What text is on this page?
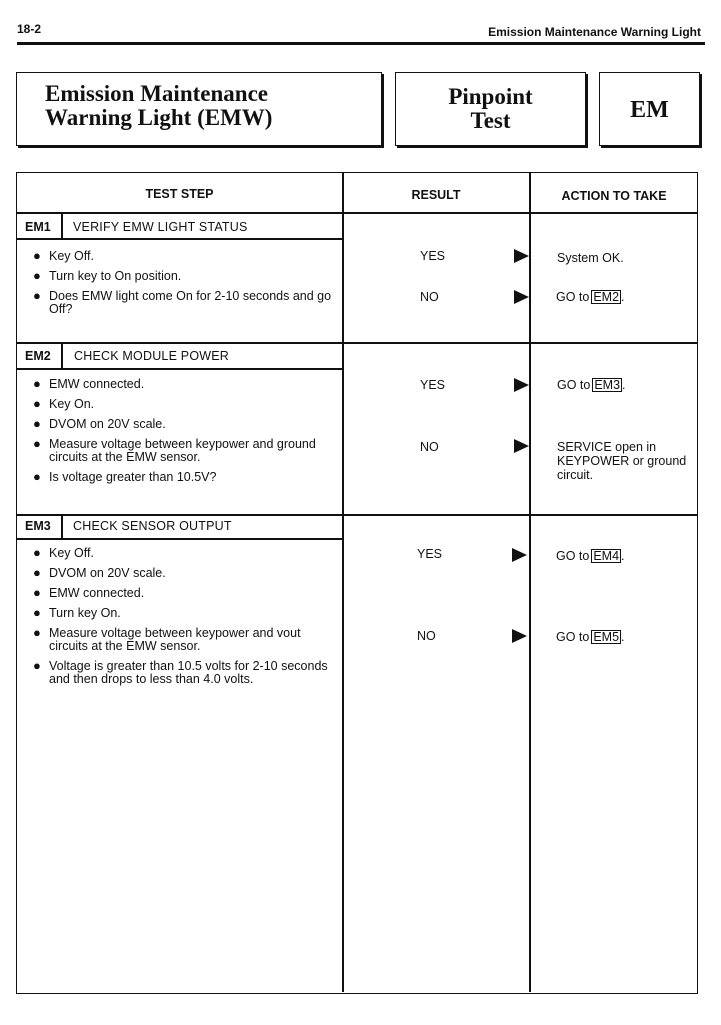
18-2	Emission Maintenance Warning Light
Emission Maintenance
Warning Light (EMW)
Pinpoint
Test	EM
TEST STEP	RESULT	ACTION TO TAKE
EM1 VERIFY EMW LIGHT STATUS
● Key Off.
● Turn key to On position.
● Does EMW light come On for 2-10 seconds and go Off?
YES	System OK.
NO	GO to EM2 .
EM2 CHECK MODULE POWER
● EMW connected.
● Key On.
● DVOM on 20V scale.
● Measure voltage between keypower and ground circuits at the EMW sensor.
● Is voltage greater than 10.5V?
YES	GO to EM3 .
NO	SERVICE open in KEYPOWER or ground circuit.
EM3 CHECK SENSOR OUTPUT
● Key Off.
● DVOM on 20V scale.
● EMW connected.
● Turn key On.
● Measure voltage between keypower and vout circuits at the EMW sensor.
● Voltage is greater than 10.5 volts for 2-10 seconds and then drops to less than 4.0 volts.
YES	GO to EM4 .
NO	GO to EM5 .
